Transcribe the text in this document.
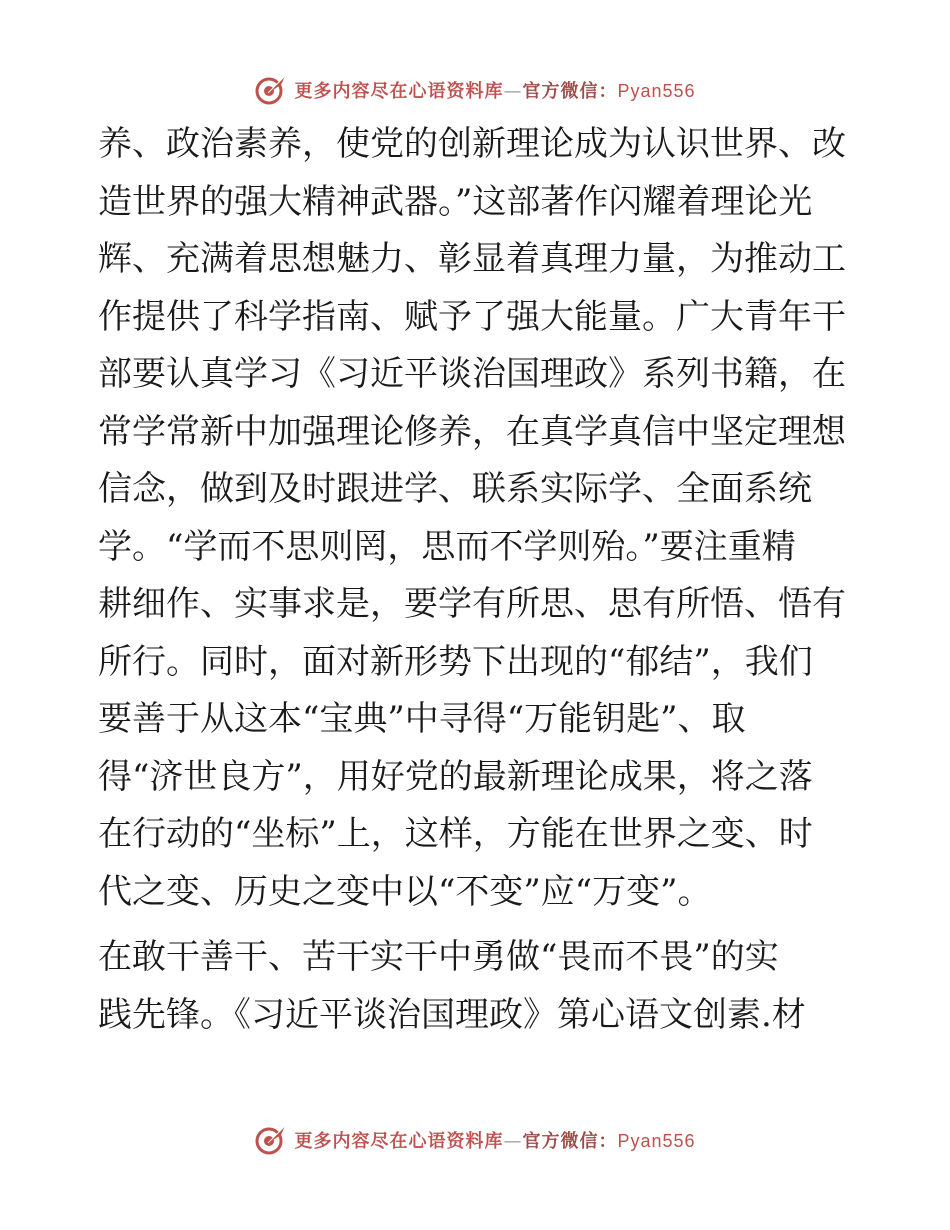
更多内容尽在心语资料库—官方微信：Pyan556
养、政治素养，使党的创新理论成为认识世界、改
造世界的强大精神武器。”这部著作闪耀着理论光
辉、充满着思想魅力、彰显着真理力量，为推动工
作提供了科学指南、赋予了强大能量。广大青年干
部要认真学习《习近平谈治国理政》系列书籍，在
常学常新中加强理论修养，在真学真信中坚定理想
信念，做到及时跟进学、联系实际学、全面系统
学。“学而不思则罔，思而不学则殆。”要注重精
耕细作、实事求是，要学有所思、思有所悟、悟有
所行。同时，面对新形势下出现的“郁结”，我们
要善于从这本“宝典”中寻得“万能钥匙”、取
得“济世良方”，用好党的最新理论成果，将之落
在行动的“坐标”上，这样，方能在世界之变、时
代之变、历史之变中以“不变”应“万变”。
在敢干善干、苦干实干中勇做“畏而不畏”的实
践先锋。《习近平谈治国理政》第心语文创素.材
更多内容尽在心语资料库—官方微信：Pyan556
